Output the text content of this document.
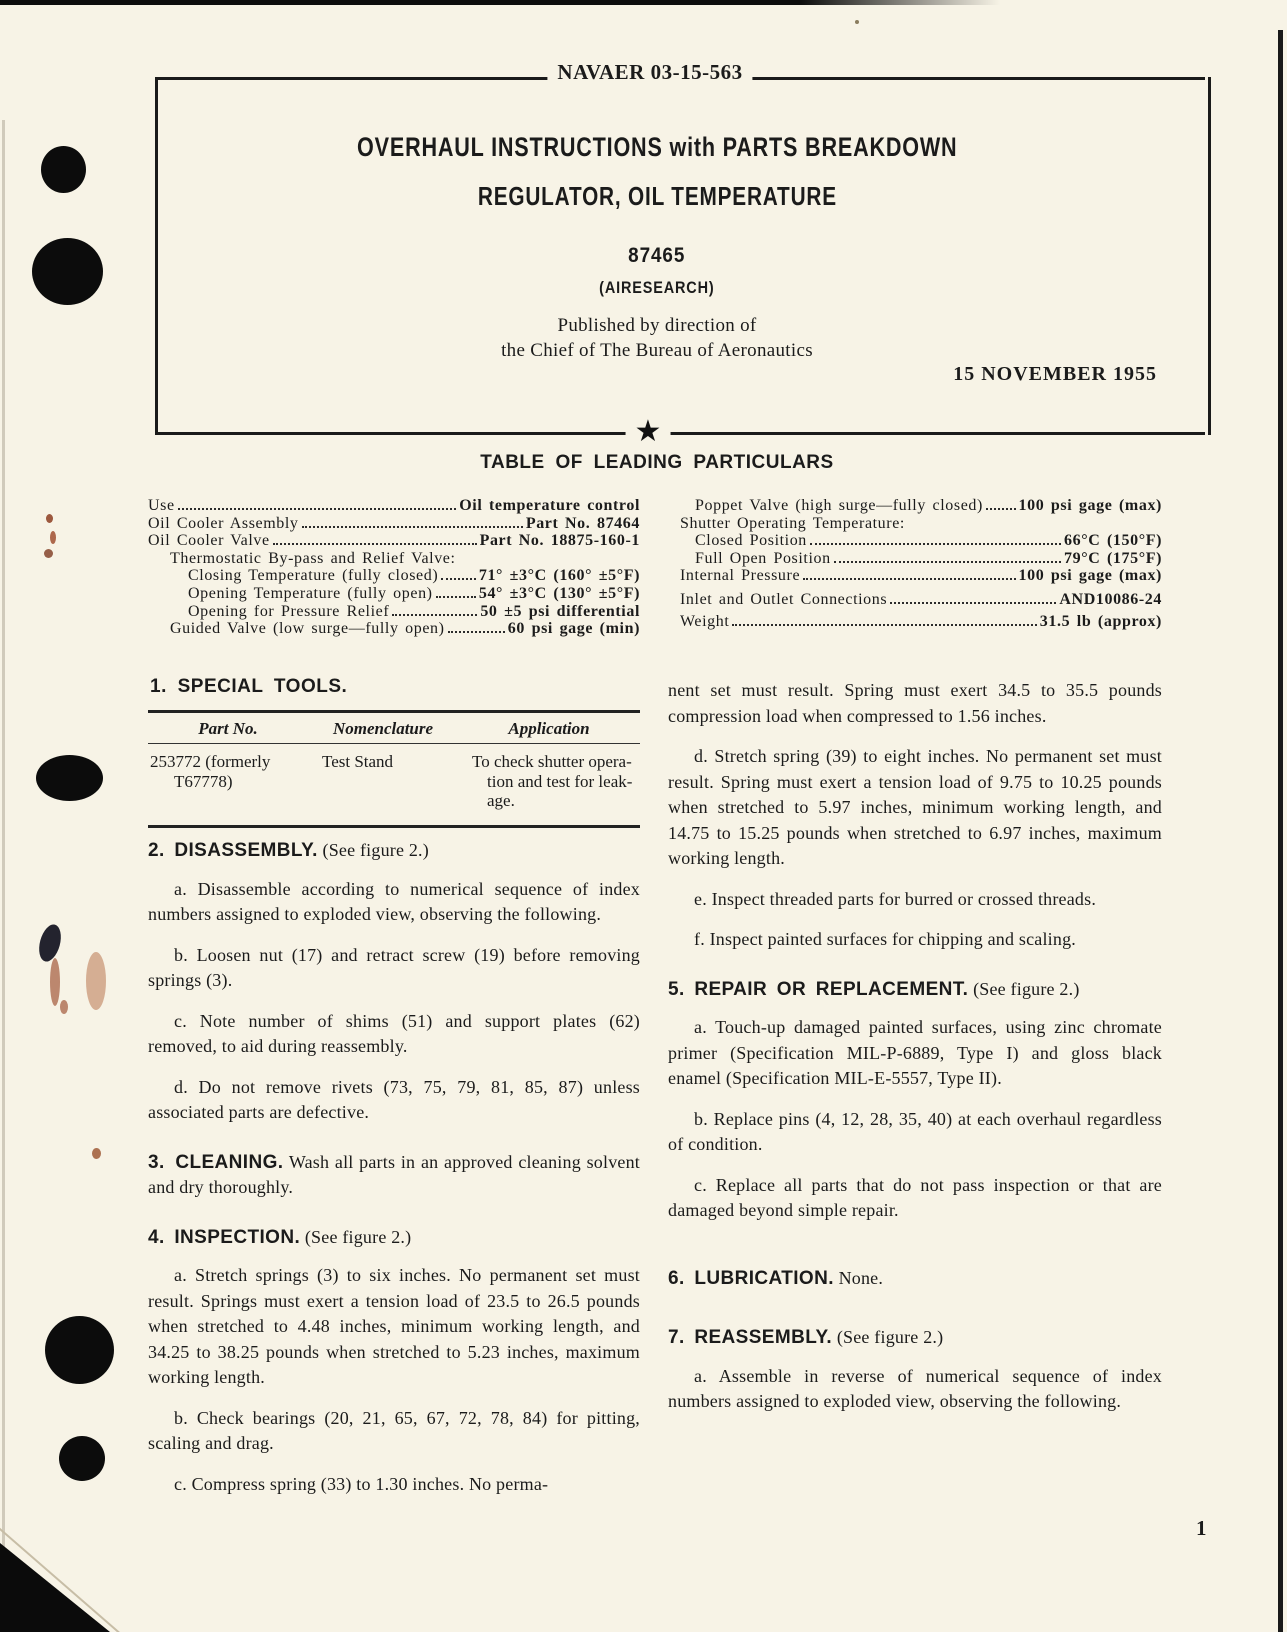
NAVAER 03-15-563
OVERHAUL INSTRUCTIONS with PARTS BREAKDOWN
REGULATOR, OIL TEMPERATURE
87465
(AIRESEARCH)
Published by direction of
the Chief of The Bureau of Aeronautics
15 NOVEMBER 1955
★
TABLE OF LEADING PARTICULARS
Use	Oil temperature control
Oil Cooler Assembly	Part No. 87464
Oil Cooler Valve	Part No. 18875-160-1
Thermostatic By-pass and Relief Valve:
Closing Temperature (fully closed)	71° ±3°C (160° ±5°F)
Opening Temperature (fully open)	54° ±3°C (130° ±5°F)
Opening for Pressure Relief	50 ±5 psi differential
Guided Valve (low surge—fully open)	60 psi gage (min)
Poppet Valve (high surge—fully closed) 100 psi gage (max)
Shutter Operating Temperature:
Closed Position	66°C (150°F)
Full Open Position	79°C (175°F)
Internal Pressure	100 psi gage (max)
Inlet and Outlet Connections	AND10086-24
Weight	31.5 lb (approx)
1. SPECIAL TOOLS.
Part No.	Nomenclature	Application
253772 (formerly
T67778)
Test Stand	To check shutter opera-
tion and test for leak-
age.
2. DISASSEMBLY. (See figure 2.)
a. Disassemble according to numerical sequence of index numbers assigned to exploded view, observing the following.
b. Loosen nut (17) and retract screw (19) before removing springs (3).
c. Note number of shims (51) and support plates (62) removed, to aid during reassembly.
d. Do not remove rivets (73, 75, 79, 81, 85, 87) unless associated parts are defective.
3. CLEANING. Wash all parts in an approved cleaning solvent and dry thoroughly.
4. INSPECTION. (See figure 2.)
a. Stretch springs (3) to six inches. No permanent set must result. Springs must exert a tension load of 23.5 to 26.5 pounds when stretched to 4.48 inches, minimum working length, and 34.25 to 38.25 pounds when stretched to 5.23 inches, maximum working length.
b. Check bearings (20, 21, 65, 67, 72, 78, 84) for pitting, scaling and drag.
c. Compress spring (33) to 1.30 inches. No perma-
nent set must result. Spring must exert 34.5 to 35.5 pounds compression load when compressed to 1.56 inches.
d. Stretch spring (39) to eight inches. No permanent set must result. Spring must exert a tension load of 9.75 to 10.25 pounds when stretched to 5.97 inches, minimum working length, and 14.75 to 15.25 pounds when stretched to 6.97 inches, maximum working length.
e. Inspect threaded parts for burred or crossed threads.
f. Inspect painted surfaces for chipping and scaling.
5. REPAIR OR REPLACEMENT. (See figure 2.)
a. Touch-up damaged painted surfaces, using zinc chromate primer (Specification MIL-P-6889, Type I) and gloss black enamel (Specification MIL-E-5557, Type II).
b. Replace pins (4, 12, 28, 35, 40) at each overhaul regardless of condition.
c. Replace all parts that do not pass inspection or that are damaged beyond simple repair.
6. LUBRICATION. None.
7. REASSEMBLY. (See figure 2.)
a. Assemble in reverse of numerical sequence of index numbers assigned to exploded view, observing the following.
1
